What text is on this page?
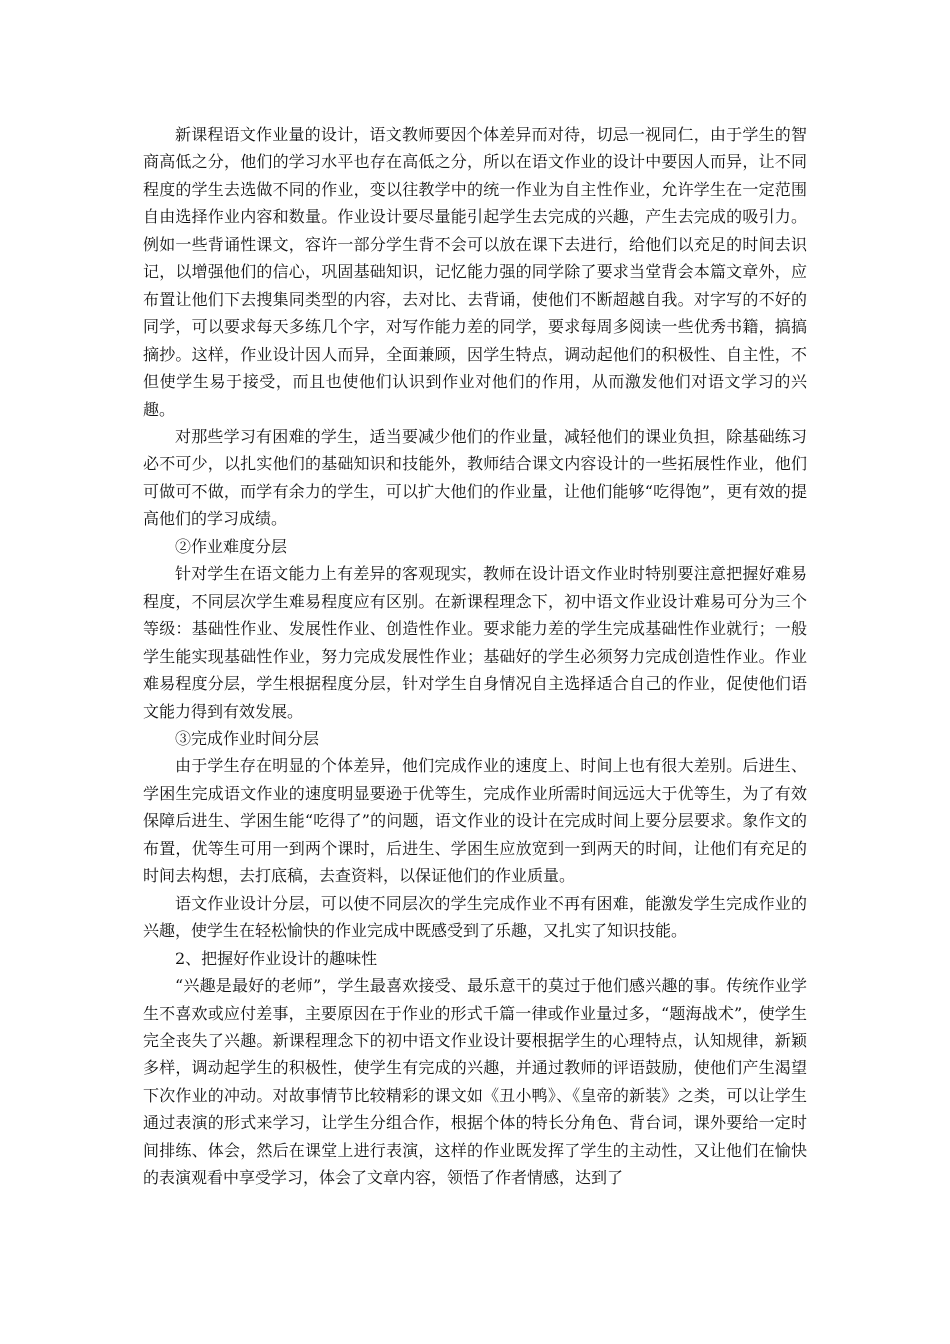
新课程语文作业量的设计，语文教师要因个体差异而对待，切忌一视同仁，由于学生的智商高低之分，他们的学习水平也存在高低之分，所以在语文作业的设计中要因人而异，让不同程度的学生去选做不同的作业，变以往教学中的统一作业为自主性作业，允许学生在一定范围自由选择作业内容和数量。作业设计要尽量能引起学生去完成的兴趣，产生去完成的吸引力。例如一些背诵性课文，容许一部分学生背不会可以放在课下去进行，给他们以充足的时间去识记，以增强他们的信心，巩固基础知识，记忆能力强的同学除了要求当堂背会本篇文章外，应布置让他们下去搜集同类型的内容，去对比、去背诵，使他们不断超越自我。对字写的不好的同学，可以要求每天多练几个字，对写作能力差的同学，要求每周多阅读一些优秀书籍，搞搞摘抄。这样，作业设计因人而异，全面兼顾，因学生特点，调动起他们的积极性、自主性，不但使学生易于接受，而且也使他们认识到作业对他们的作用，从而激发他们对语文学习的兴趣。

对那些学习有困难的学生，适当要减少他们的作业量，减轻他们的课业负担，除基础练习必不可少，以扎实他们的基础知识和技能外，教师结合课文内容设计的一些拓展性作业，他们可做可不做，而学有余力的学生，可以扩大他们的作业量，让他们能够“吃得饱”，更有效的提高他们的学习成绩。

②作业难度分层

针对学生在语文能力上有差异的客观现实，教师在设计语文作业时特别要注意把握好难易程度，不同层次学生难易程度应有区别。在新课程理念下，初中语文作业设计难易可分为三个等级：基础性作业、发展性作业、创造性作业。要求能力差的学生完成基础性作业就行；一般学生能实现基础性作业，努力完成发展性作业；基础好的学生必须努力完成创造性作业。作业难易程度分层，学生根据程度分层，针对学生自身情况自主选择适合自己的作业，促使他们语文能力得到有效发展。

③完成作业时间分层

由于学生存在明显的个体差异，他们完成作业的速度上、时间上也有很大差别。后进生、学困生完成语文作业的速度明显要逊于优等生，完成作业所需时间远远大于优等生，为了有效保障后进生、学困生能“吃得了”的问题，语文作业的设计在完成时间上要分层要求。象作文的布置，优等生可用一到两个课时，后进生、学困生应放宽到一到两天的时间，让他们有充足的时间去构想，去打底稿，去查资料，以保证他们的作业质量。

语文作业设计分层，可以使不同层次的学生完成作业不再有困难，能激发学生完成作业的兴趣，使学生在轻松愉快的作业完成中既感受到了乐趣，又扎实了知识技能。

2、把握好作业设计的趣味性

“兴趣是最好的老师”，学生最喜欢接受、最乐意干的莫过于他们感兴趣的事。传统作业学生不喜欢或应付差事，主要原因在于作业的形式千篇一律或作业量过多，“题海战术”，使学生完全丧失了兴趣。新课程理念下的初中语文作业设计要根据学生的心理特点，认知规律，新颖多样，调动起学生的积极性，使学生有完成的兴趣，并通过教师的评语鼓励，使他们产生渴望下次作业的冲动。对故事情节比较精彩的课文如《丑小鸭》、《皇帝的新装》之类，可以让学生通过表演的形式来学习，让学生分组合作，根据个体的特长分角色、背台词，课外要给一定时间排练、体会，然后在课堂上进行表演，这样的作业既发挥了学生的主动性，又让他们在愉快的表演观看中享受学习，体会了文章内容，领悟了作者情感，达到了
